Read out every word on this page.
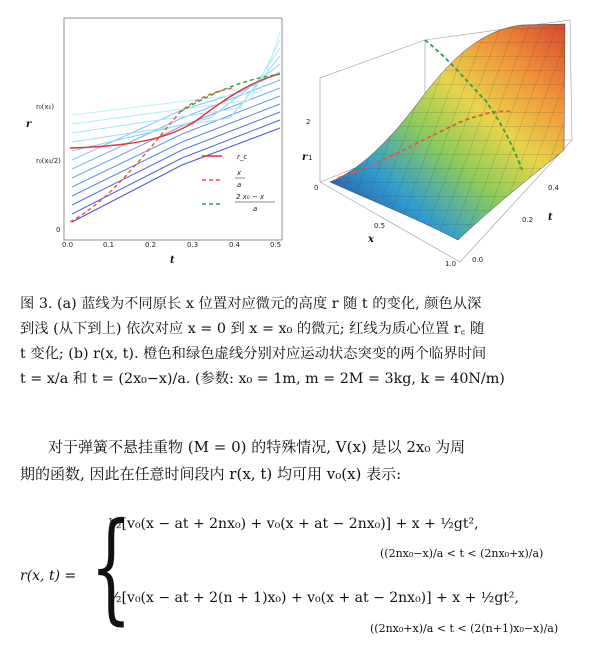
r_c
x
a
2 x₀ − x
a
0.0	0.1	0.2	0.3	0.4	0.5
r₀(x₀)
r₀(x₀/2)
0
r
t
2
1
0
0.5
1.0 0.0
0.2
0.4
r
x
t
图 3. (a) 蓝线为不同原长 x 位置对应微元的高度 r 随 t 的变化, 颜色从深
到浅 (从下到上) 依次对应 x = 0 到 x = x₀ 的微元; 红线为质心位置 r꜀ 随
t 变化; (b) r(x, t). 橙色和绿色虚线分别对应运动状态突变的两个临界时间
t = x/a 和 t = (2x₀−x)/a. (参数: x₀ = 1m, m = 2M = 3kg, k = 40N/m)
对于弹簧不悬挂重物 (M = 0) 的特殊情况, V(x) 是以 2x₀ 为周
期的函数, 因此在任意时间段内 r(x, t) 均可用 v₀(x) 表示:
r(x, t) = {
½[v₀(x − at + 2nx₀) + v₀(x + at − 2nx₀)] + x + ½gt²,
((2nx₀−x)/a < t < (2nx₀+x)/a)
½[v₀(x − at + 2(n + 1)x₀) + v₀(x + at − 2nx₀)] + x + ½gt²,
((2nx₀+x)/a < t < (2(n+1)x₀−x)/a)
